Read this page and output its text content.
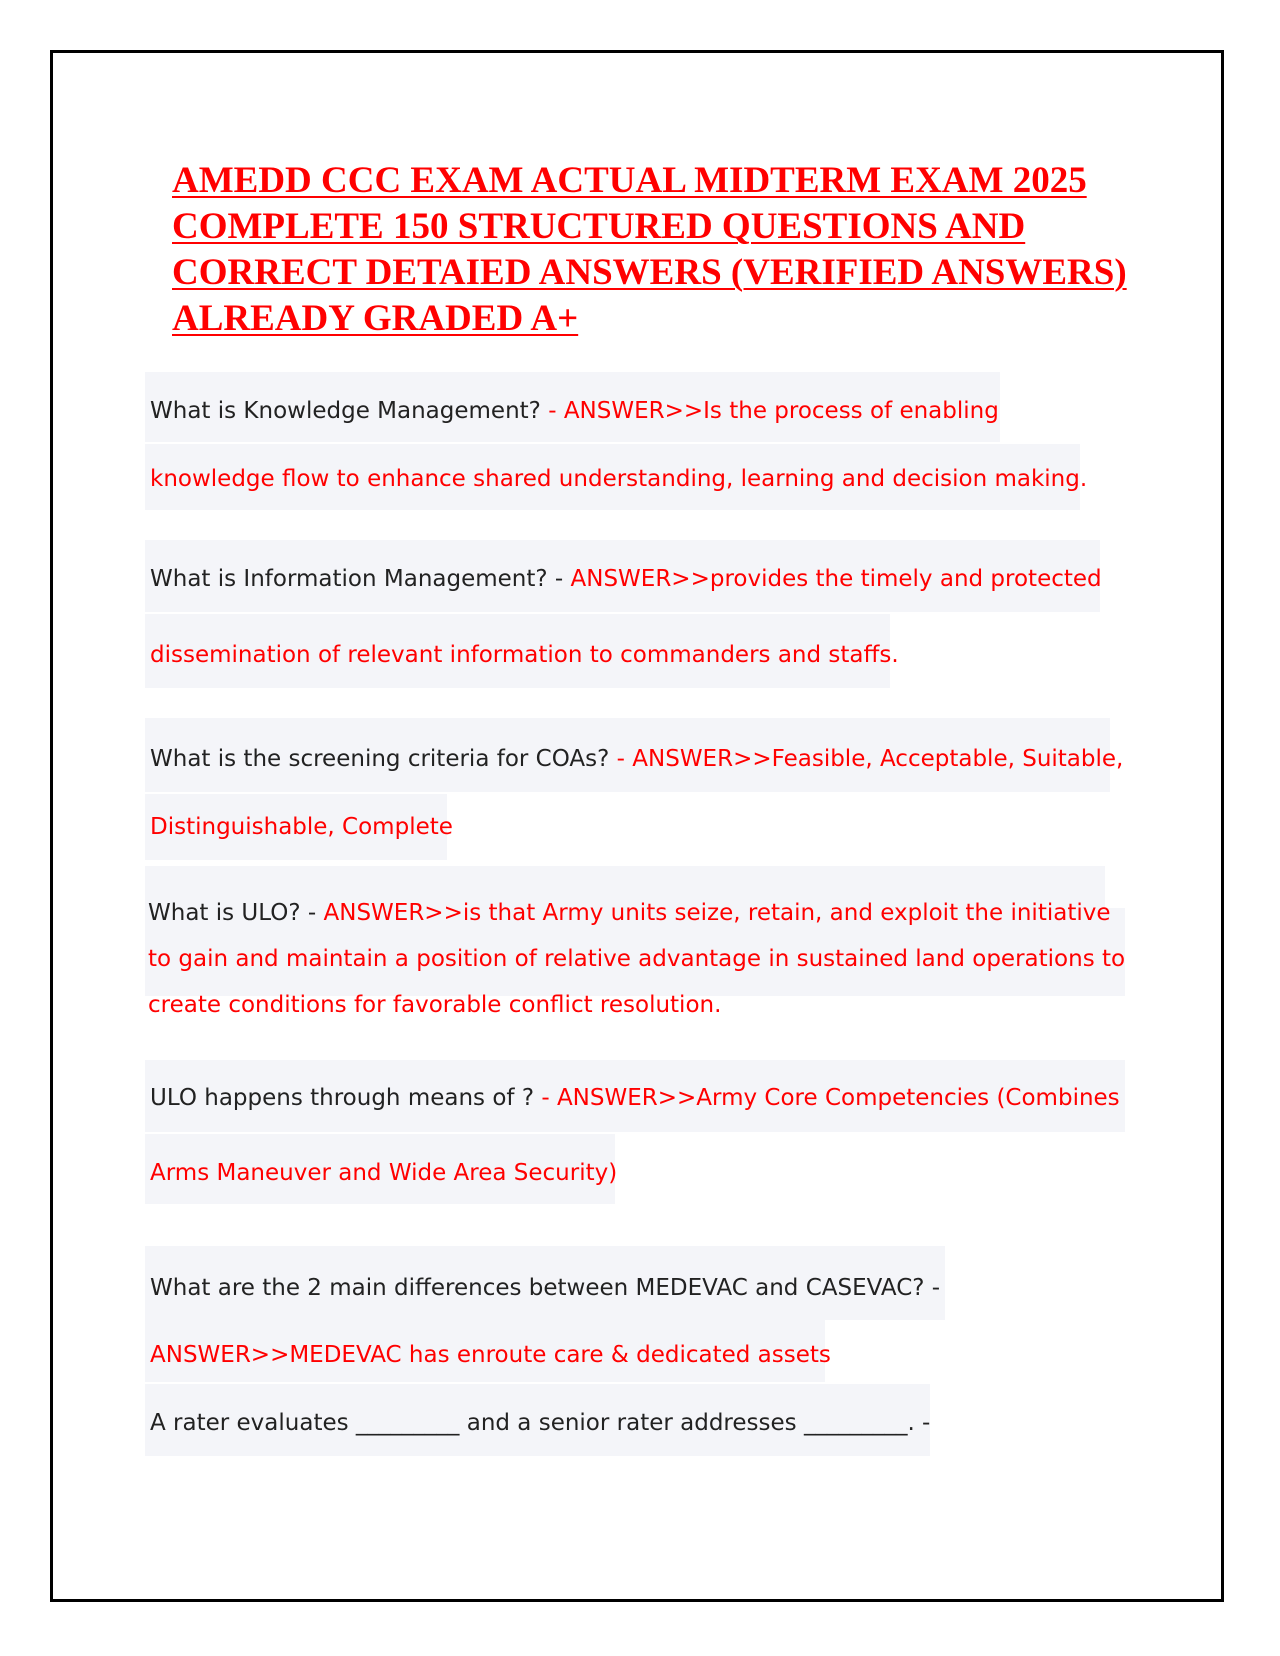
AMEDD CCC EXAM ACTUAL MIDTERM EXAM 2025 COMPLETE 150 STRUCTURED QUESTIONS AND CORRECT DETAIED ANSWERS (VERIFIED ANSWERS) ALREADY GRADED A+
What is Knowledge Management? - ANSWER>>Is the process of enabling
knowledge flow to enhance shared understanding, learning and decision making.
What is Information Management? - ANSWER>>provides the timely and protected
dissemination of relevant information to commanders and staffs.
What is the screening criteria for COAs? - ANSWER>>Feasible, Acceptable, Suitable,
Distinguishable, Complete
What is ULO? - ANSWER>>is that Army units seize, retain, and exploit the initiative
to gain and maintain a position of relative advantage in sustained land operations to
create conditions for favorable conflict resolution.
ULO happens through means of ? - ANSWER>>Army Core Competencies (Combines
Arms Maneuver and Wide Area Security)
What are the 2 main differences between MEDEVAC and CASEVAC? -
ANSWER>>MEDEVAC has enroute care & dedicated assets
A rater evaluates _________ and a senior rater addresses _________. -
